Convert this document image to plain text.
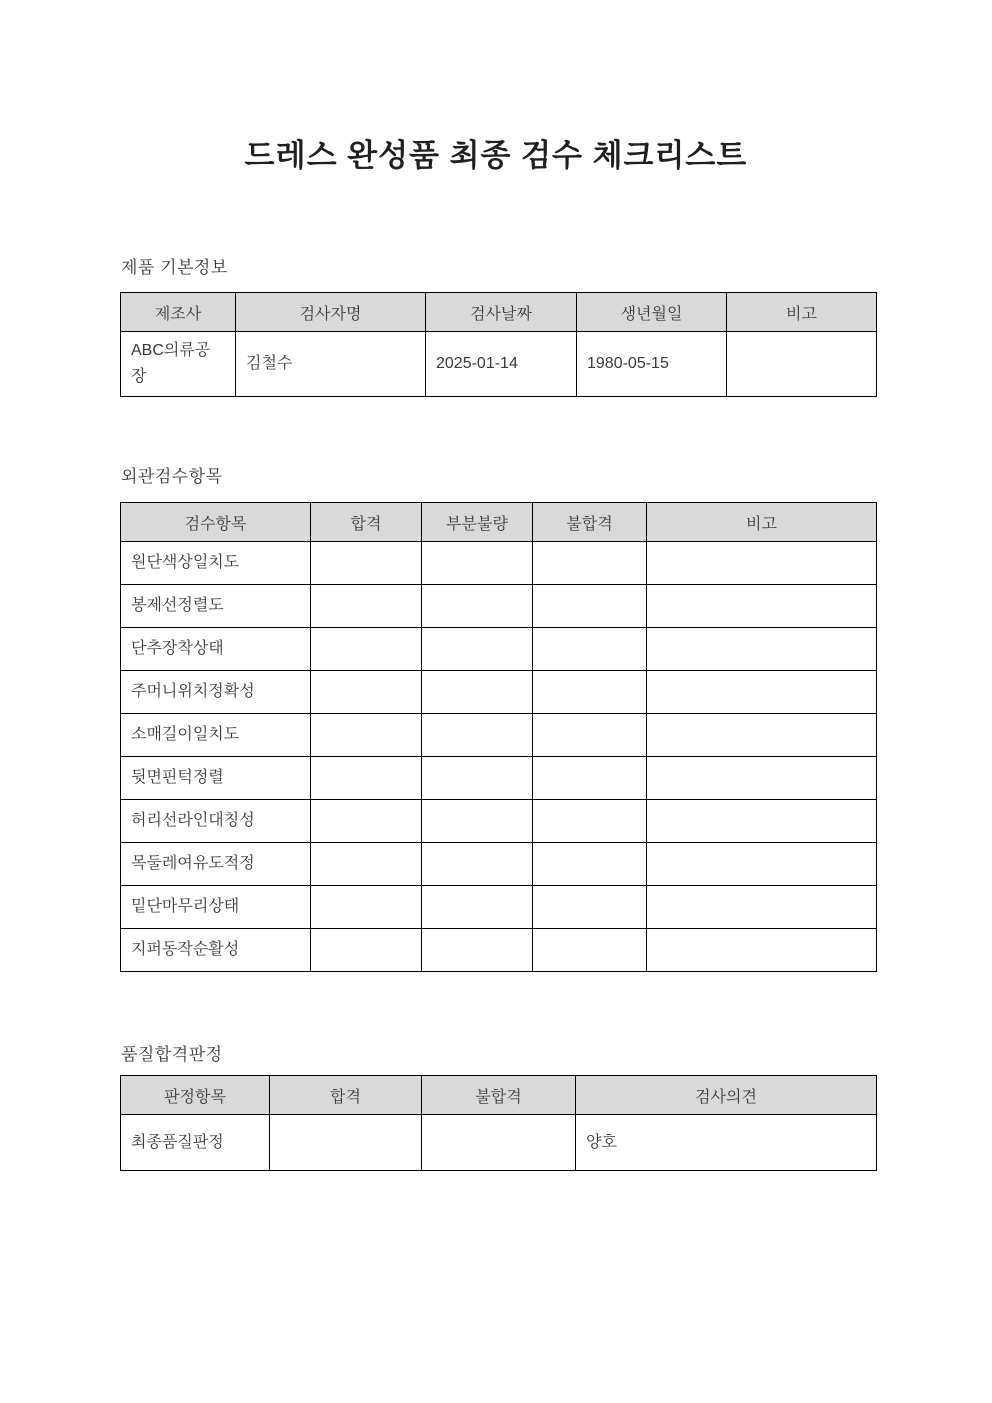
드레스 완성품 최종 검수 체크리스트
제품 기본정보
제조사	검사자명	검사날짜	생년월일	비고
ABC의류공장	김철수	2025-01-14	1980-05-15	
외관검수항목
검수항목	합격	부분불량	불합격	비고
원단색상일치도				
봉제선정렬도				
단추장착상태				
주머니위치정확성				
소매길이일치도				
뒷면핀턱정렬				
허리선라인대칭성				
목둘레여유도적정				
밑단마무리상태				
지퍼동작순활성				
품질합격판정
판정항목	합격	불합격	검사의견
최종품질판정			양호
